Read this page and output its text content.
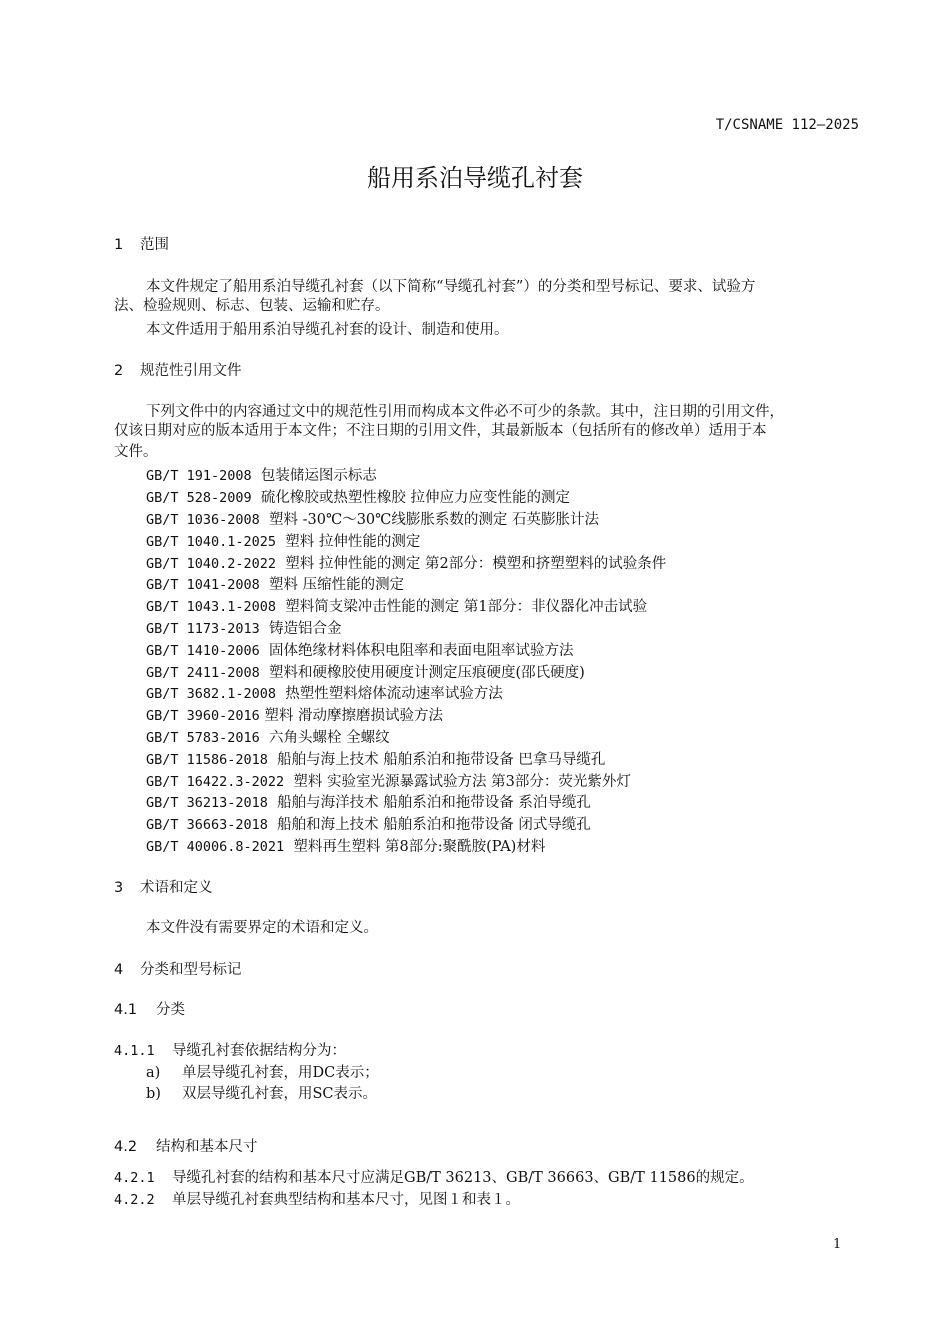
T/CSNAME 112—2025
船用系泊导缆孔衬套
1 范围
本文件规定了船用系泊导缆孔衬套（以下简称“导缆孔衬套”）的分类和型号标记、要求、试验方
法、检验规则、标志、包装、运输和贮存。
本文件适用于船用系泊导缆孔衬套的设计、制造和使用。
2 规范性引用文件
下列文件中的内容通过文中的规范性引用而构成本文件必不可少的条款。其中，注日期的引用文件，
仅该日期对应的版本适用于本文件；不注日期的引用文件，其最新版本（包括所有的修改单）适用于本
文件。
GB/T 191-2008 包装储运图示标志
GB/T 528-2009 硫化橡胶或热塑性橡胶 拉伸应力应变性能的测定
GB/T 1036-2008 塑料 -30℃～30℃线膨胀系数的测定 石英膨胀计法
GB/T 1040.1-2025 塑料 拉伸性能的测定
GB/T 1040.2-2022 塑料 拉伸性能的测定 第2部分：模塑和挤塑塑料的试验条件
GB/T 1041-2008 塑料 压缩性能的测定
GB/T 1043.1-2008 塑料简支梁冲击性能的测定 第1部分：非仪器化冲击试验
GB/T 1173-2013 铸造铝合金
GB/T 1410-2006 固体绝缘材料体积电阻率和表面电阻率试验方法
GB/T 2411-2008 塑料和硬橡胶使用硬度计测定压痕硬度(邵氏硬度)
GB/T 3682.1-2008 热塑性塑料熔体流动速率试验方法
GB/T 3960-2016 塑料 滑动摩擦磨损试验方法
GB/T 5783-2016 六角头螺栓 全螺纹
GB/T 11586-2018 船舶与海上技术 船舶系泊和拖带设备 巴拿马导缆孔
GB/T 16422.3-2022 塑料 实验室光源暴露试验方法 第3部分：荧光紫外灯
GB/T 36213-2018 船舶与海洋技术 船舶系泊和拖带设备 系泊导缆孔
GB/T 36663-2018 船舶和海上技术 船舶系泊和拖带设备 闭式导缆孔
GB/T 40006.8-2021 塑料再生塑料 第8部分:聚酰胺(PA)材料
3 术语和定义
本文件没有需要界定的术语和定义。
4 分类和型号标记
4.1 分类
4.1.1 导缆孔衬套依据结构分为：
a) 单层导缆孔衬套，用DC表示；
b) 双层导缆孔衬套，用SC表示。
4.2 结构和基本尺寸
4.2.1 导缆孔衬套的结构和基本尺寸应满足GB/T 36213、GB/T 36663、GB/T 11586的规定。
4.2.2 单层导缆孔衬套典型结构和基本尺寸，见图１和表１。
1
